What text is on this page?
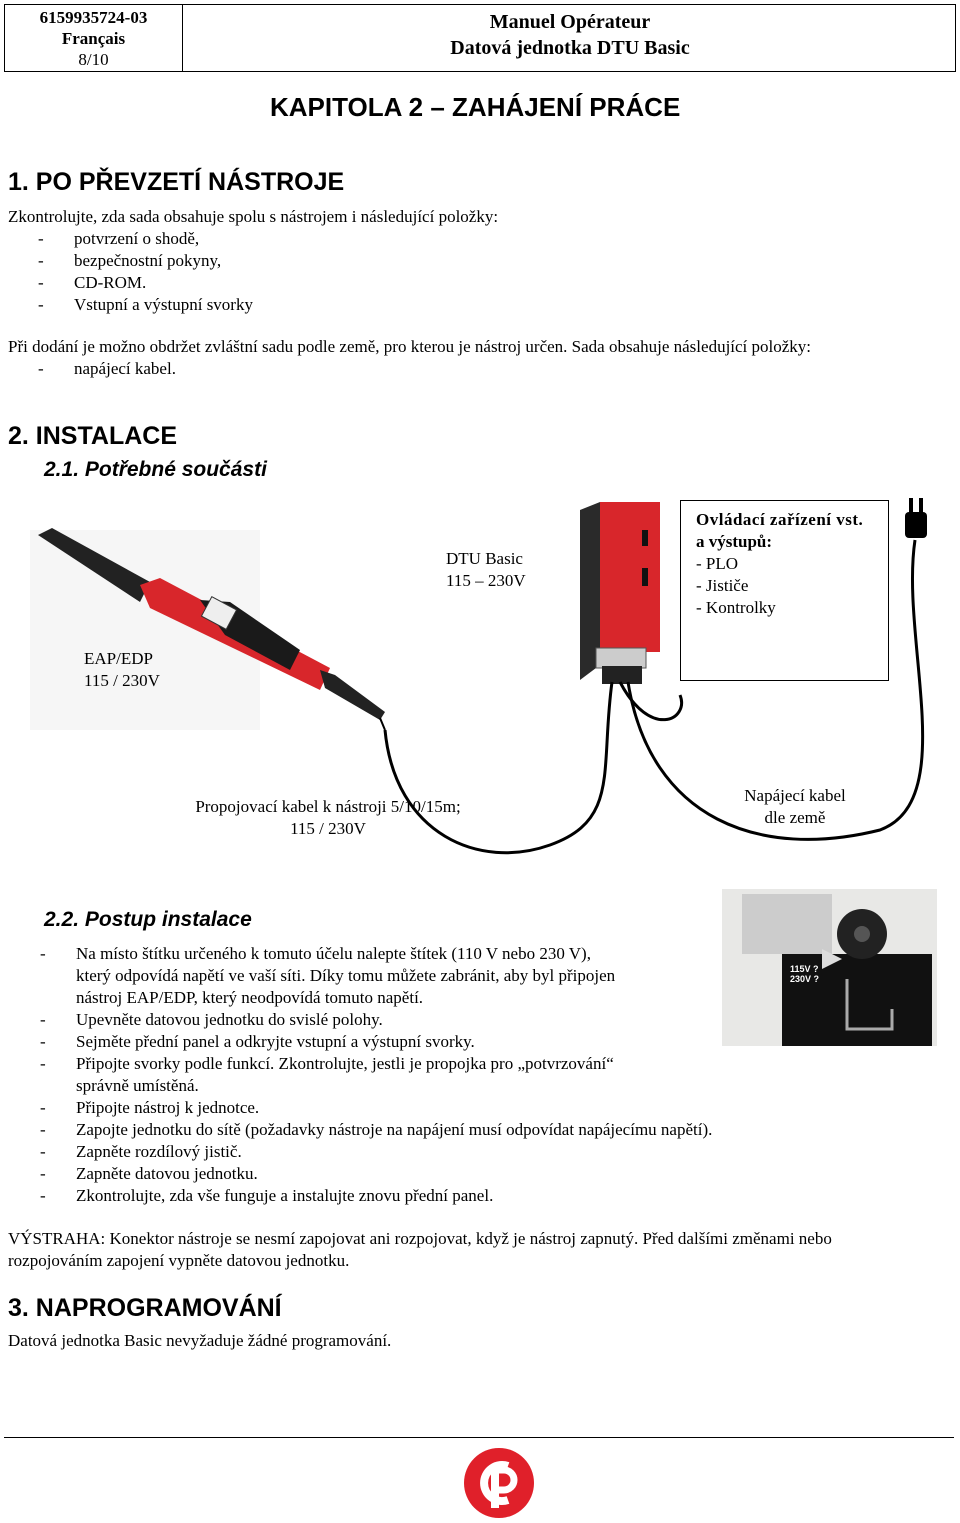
6159935724-03
Français
8/10
Manuel Opérateur
Datová jednotka DTU Basic
KAPITOLA 2 – ZAHÁJENÍ PRÁCE
1. PO PŘEVZETÍ NÁSTROJE
Zkontrolujte, zda sada obsahuje spolu s nástrojem i následující položky:
- potvrzení o shodě,
- bezpečnostní pokyny,
- CD-ROM.
- Vstupní a výstupní svorky
Při dodání je možno obdržet zvláštní sadu podle země, pro kterou je nástroj určen. Sada obsahuje následující položky:
- napájecí kabel.
2. INSTALACE
2.1. Potřebné součásti
DTU Basic
115 – 230V
EAP/EDP
115 / 230V
Ovládací zařízení vst.
a výstupů:
- PLO
- Jističe
- Kontrolky
Propojovací kabel k nástroji 5/10/15m;
115 / 230V
Napájecí kabel
dle země
2.2. Postup instalace
115V ?
230V ?
- Na místo štítku určeného k tomuto účelu nalepte štítek (110 V nebo 230 V),
který odpovídá napětí ve vaší síti. Díky tomu můžete zabránit, aby byl připojen
nástroj EAP/EDP, který neodpovídá tomuto napětí.
- Upevněte datovou jednotku do svislé polohy.
- Sejměte přední panel a odkryjte vstupní a výstupní svorky.
- Připojte svorky podle funkcí. Zkontrolujte, jestli je propojka pro „potvrzování“
správně umístěná.
- Připojte nástroj k jednotce.
- Zapojte jednotku do sítě (požadavky nástroje na napájení musí odpovídat napájecímu napětí).
- Zapněte rozdílový jistič.
- Zapněte datovou jednotku.
- Zkontrolujte, zda vše funguje a instalujte znovu přední panel.
VÝSTRAHA: Konektor nástroje se nesmí zapojovat ani rozpojovat, když je nástroj zapnutý. Před dalšími změnami nebo
rozpojováním zapojení vypněte datovou jednotku.
3. NAPROGRAMOVÁNÍ
Datová jednotka Basic nevyžaduje žádné programování.
